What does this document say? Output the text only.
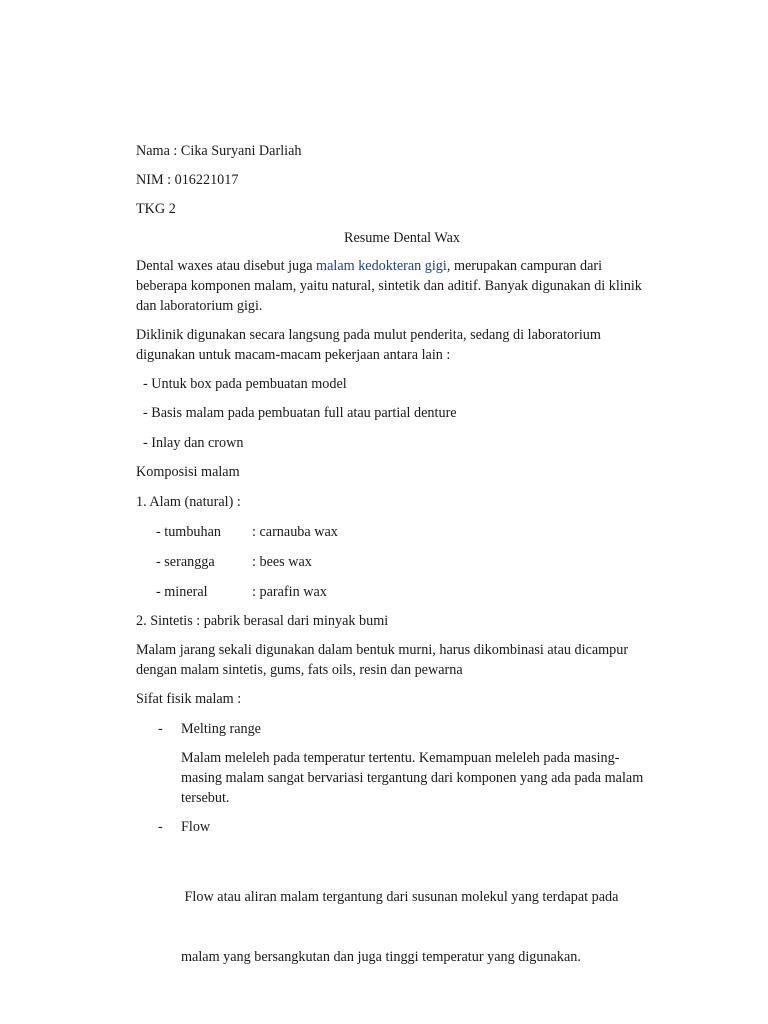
Nama : Cika Suryani Darliah
NIM : 016221017
TKG 2
Resume Dental Wax
Dental waxes atau disebut juga malam kedokteran gigi, merupakan campuran dari
beberapa komponen malam, yaitu natural, sintetik dan aditif. Banyak digunakan di klinik
dan laboratorium gigi.
Diklinik digunakan secara langsung pada mulut penderita, sedang di laboratorium
digunakan untuk macam-macam pekerjaan antara lain :
- Untuk box pada pembuatan model
- Basis malam pada pembuatan full atau partial denture
- Inlay dan crown
Komposisi malam
1. Alam (natural) :
- tumbuhan : carnauba wax
- serangga	: bees wax
- mineral	: parafin wax
2. Sintetis : pabrik berasal dari minyak bumi
Malam jarang sekali digunakan dalam bentuk murni, harus dikombinasi atau dicampur
dengan malam sintetis, gums, fats oils, resin dan pewarna
Sifat fisik malam :
- Melting range
Malam meleleh pada temperatur tertentu. Kemampuan meleleh pada masing-
masing malam sangat bervariasi tergantung dari komponen yang ada pada malam
tersebut.
- Flow

Flow atau aliran malam tergantung dari susunan molekul yang terdapat pada

malam yang bersangkutan dan juga tinggi temperatur yang digunakan.
